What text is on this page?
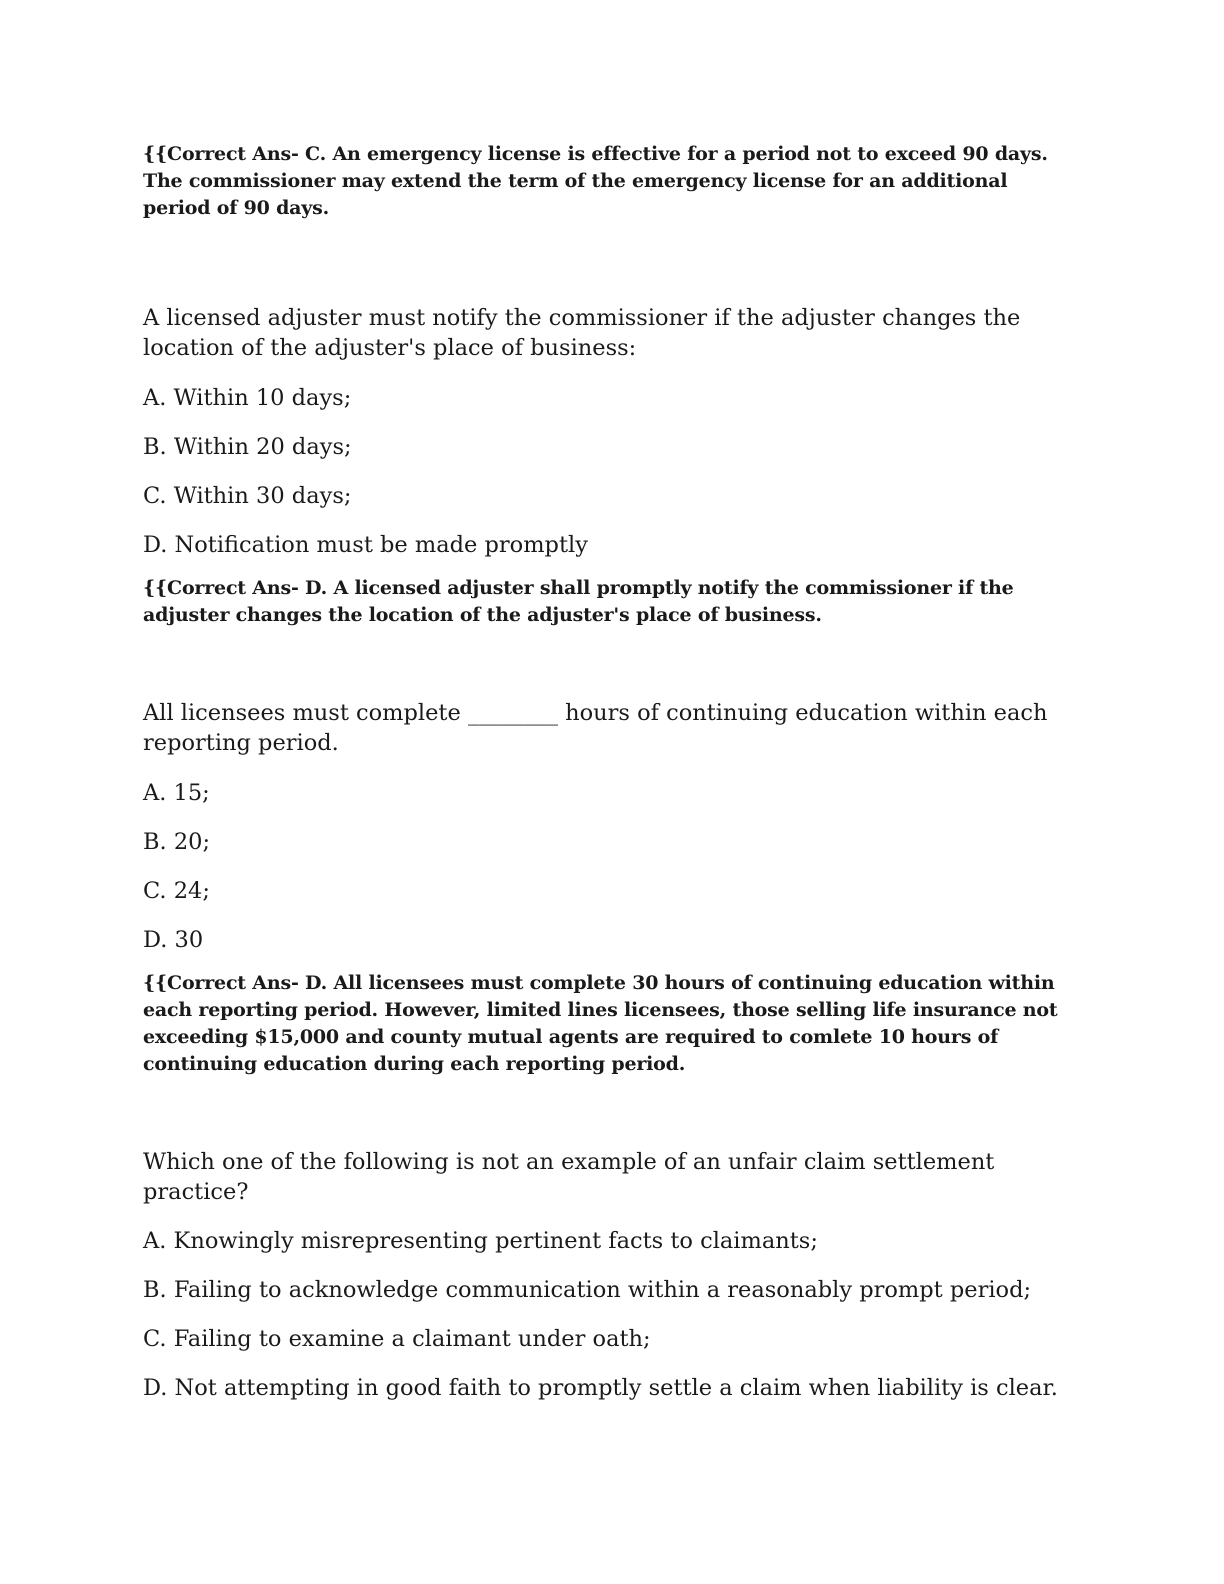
{{Correct Ans- C. An emergency license is effective for a period not to exceed 90 days. The commissioner may extend the term of the emergency license for an additional period of 90 days.

A licensed adjuster must notify the commissioner if the adjuster changes the location of the adjuster's place of business:

A. Within 10 days;

B. Within 20 days;

C. Within 30 days;

D. Notification must be made promptly

{{Correct Ans- D. A licensed adjuster shall promptly notify the commissioner if the adjuster changes the location of the adjuster's place of business.

All licensees must complete ________ hours of continuing education within each reporting period.

A. 15;

B. 20;

C. 24;

D. 30

{{Correct Ans- D. All licensees must complete 30 hours of continuing education within each reporting period. However, limited lines licensees, those selling life insurance not exceeding $15,000 and county mutual agents are required to comlete 10 hours of continuing education during each reporting period.

Which one of the following is not an example of an unfair claim settlement practice?

A. Knowingly misrepresenting pertinent facts to claimants;

B. Failing to acknowledge communication within a reasonably prompt period;

C. Failing to examine a claimant under oath;

D. Not attempting in good faith to promptly settle a claim when liability is clear.
